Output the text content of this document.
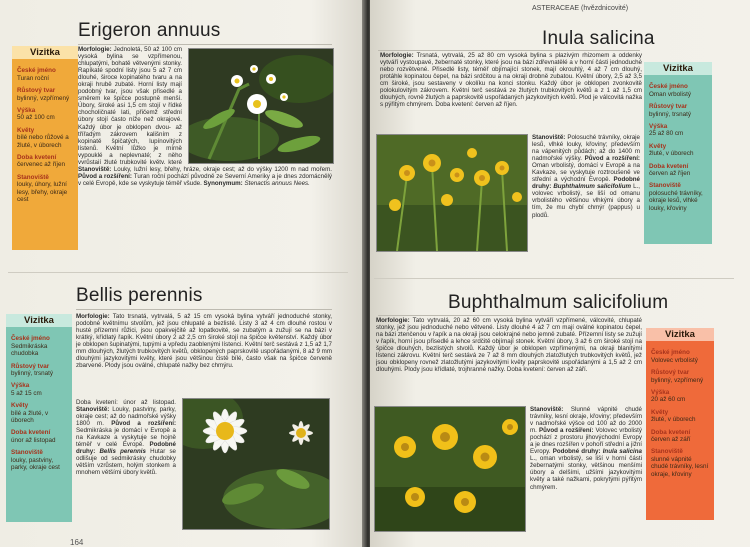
Erigeron annuus
Vizitka
České jméno
Turan roční
Růstový tvar
bylinný, vzpřímený
Výška
50 až 100 cm
Květy
bílé nebo růžové a žluté, v úborech
Doba kvetení
červenec až říjen
Stanoviště
louky, úhory, lužní lesy, břehy, okraje cest
Morfologie: Jednoletá, 50 až 100 cm vysoká bylina se vzpřímenou, chlupatými, bohatě větvenými stonky. Rapíkaté spodní listy jsou 5 až 7 cm dlouhé, široce kopinatého tvaru a na okraji hrubě zubaté. Horní listy mají podobný tvar, jsou však přisedlé a směrem ke špičce postupně menší. Úbory, široké asi 1,5 cm stojí v řídké chocholičnaté lati, přičemž střední úbory stojí často níže než okrajové. Každý úbor je obklopen dvou- až třířadým zákrovem kališním z kopinatě špičatých, lupínovitých lístenů. Květní lůžko je mírně vypouklé a neplevnaté; z něho vyrůstají žluté trubkovité květy, které
Stanoviště: Louky, lužní lesy, břehy, hráze, okraje cest; až do výšky 1200 m nad mořem. Původ a rozšíření: Turan roční pochází původně ze Severní Ameriky a je dnes zdomácnělý v celé Evropě, kde se vyskytuje téměř všude. Synonymum: Stenactis annuus Nees.
Bellis perennis
Vizitka
České jméno
Sedmikráska chudobka
Růstový tvar
bylinný, trsnatý
Výška
5 až 15 cm
Květy
bílé a žluté, v úborech
Doba kvetení
únor až listopad
Stanoviště
louky, pastviny, parky, okraje cest
Morfologie: Tato trsnatá, vytrvalá, 5 až 15 cm vysoká bylina vytváří jednoduché stonky, podobné květnímu stvolům, jež jsou chlupaté a bezlisté. Listy 3 až 4 cm dlouhé rostou v husté přízemní růžici, jsou opakvejčité až lopatkovité, se zubatým a zužují se na bázi v krátký, křídlatý řapík. Květní úbory 2 až 2,5 cm široké stojí na špičce květenství. Každý úbor je obklopen šupinatými, tupými a vpředu zaoblenými lístenci. Květní terč sestává z 1,5 až 1,7 mm dlouhých, žlutých trubkovitých květů, obklopených paprskovitě uspořádanými, 8 až 9 mm dlouhými jazykovitými květy, které jsou většinou čistě bílé, často však na špičce červeně zbarvené. Plody jsou oválné, chlupaté nažky bez chmýru.
Doba kvetení: únor až listopad. Stanoviště: Louky, pastviny, parky, okraje cest; až do nadmořské výšky 1800 m. Původ a rozšíření: Sedmikráska je domácí v Evropě a na Kavkaze a vyskytuje se hojně téměř v celé Evropě. Podobné druhy: Bellis perennis Hutar se odlišuje od sedmikrásky chudobky větším vzrůstem, holým stonkem a mnohem většími úbory květů.
164
ASTERACEAE (hvězdnicovité)
Inula salicina
Morfologie: Trsnatá, vytrvalá, 25 až 80 cm vysoká bylina s plazivým rhizomem a oddenky vytváří vystoupavé, žebernaté stonky, které jsou na bázi zdřevnatělé a v horní části jednoduché nebo rozvětvené. Přisedlé listy, téměř objímající stonek, mají okrouhlý, 4 až 7 cm dlouhý, protáhle kopinatou čepel, na bázi srdčitou a na okraji drobně zubatou. Květní úbory, 2,5 až 3,5 cm široké, jsou sestaveny v okolíku na konci stonku. Každý úbor je obklopen zvonkovitě polokulovitým zákrovem. Květní terč sestává ze žlutých trubkovitých květů a z 1 až 1,5 cm dlouhých, rovně žlutých a paprskovitě uspořádaných jazykovitých květů. Plod je válcovitá nažka s pýřitým chmýrem. Doba kvetení: červen až říjen.
Stanoviště: Polosuché trávníky, okraje lesů, vlhké louky, křoviny; především na vápenitých půdách; až do 1400 m nadmořské výšky. Původ a rozšíření: Oman vrbolistý, domácí v Evropě a na Kavkaze, se vyskytuje roztroušeně ve střední a východní Evropě. Podobné druhy: Buphthalmum salicifolium L., volovec vrbolistý, se liší od omanu vrbolistého většinou vlhkými úbory a tím, že mu chybí chmýr (pappus) u plodů.
Vizitka
České jméno
Oman vrbolistý
Růstový tvar
bylinný, trsnatý
Výška
25 až 80 cm
Květy
žluté, v úborech
Doba kvetení
červen až říjen
Stanoviště
polosuché trávníky, okraje lesů, vlhké louky, křoviny
Buphthalmum salicifolium
Morfologie: Tato vytrvalá, 20 až 60 cm vysoká bylina vytváří vzpřímené, válcovité, chlupaté stonky, jež jsou jednoduché nebo větvené. Listy dlouhé 4 až 7 cm mají oválné kopinatou čepel, na bázi ztenčenou v řapík a na okraji jsou celokrajné nebo jemně zubaté. Přízemní listy se zužují v řapík, horní jsou přisedlé a lehce srdčitě objímají stonek. Květní úbory, 3 až 6 cm široké stojí na špičce dlouhých, bezlistých stvolů. Každý úbor je obklopen vzpřímenými, na okraji blanitými lístenci zákrovu. Květní terč sestává ze 7 až 8 mm dlouhých zlatožlutých trubkovitých květů, jež jsou obklopeny rovnež zlatožlutými jazykovitými květy paprskovitě uspořádanými a 1,5 až 2 cm dlouhými. Plody jsou křídlaté, trojhranné nažky. Doba kvetení: červen až září.
Stanoviště: Slunné vápnité chudé trávníky, lesní okraje, křoviny; především v nadmořské výšce od 100 až do 2000 m. Původ a rozšíření: Volovec vrbolistý pochází z prostoru jihovýchodní Evropy a je dnes rozšířen v pohoří střední a jižní Evropy. Podobné druhy: Inula salicina L., oman vrbolistý, se liší v horní části žebernatými stonky, většinou menšími úbory a delšími, užšími jazykovitými květy a také nažkami, pokrytými pýřitým chmýrem.
Vizitka
České jméno
Volovec vrbolistý
Růstový tvar
bylinný, vzpřímený
Výška
20 až 60 cm
Květy
žluté, v úborech
Doba kvetení
červen až září
Stanoviště
slunné vápnité chudé trávníky, lesní okraje, křoviny
